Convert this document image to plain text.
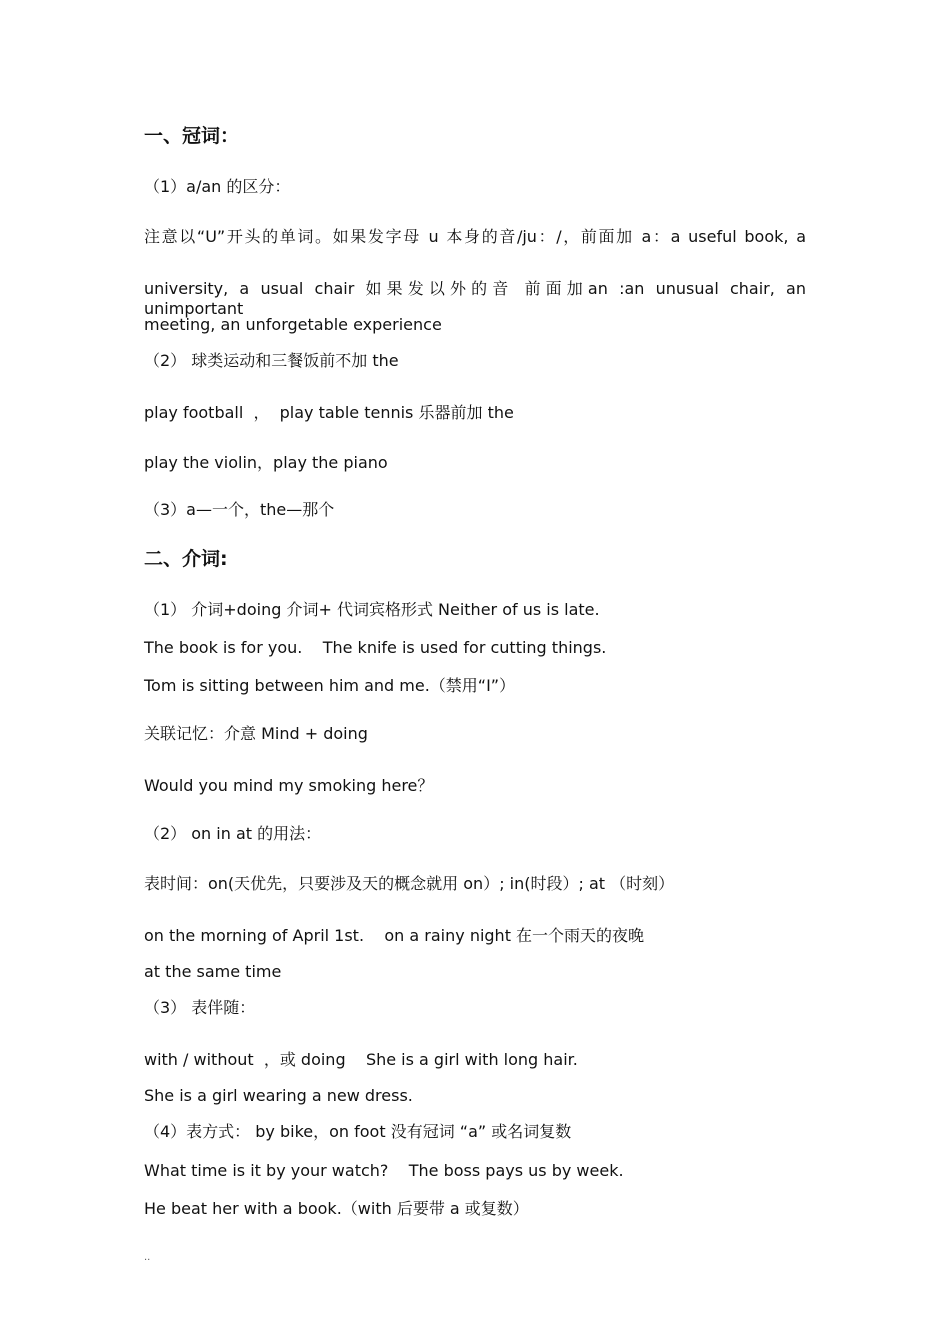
一、冠词：
（1）a/an 的区分：
注意以“U”开头的单词。如果发字母 u 本身的音/ju：/，前面加 a：a useful book, a
university, a usual chair 如果发以外的音 前面加an :an unusual chair, an unimportant
meeting, an unforgetable experience
（2） 球类运动和三餐饭前不加 the
play football  ，  play table tennis 乐器前加 the
play the violin，play the piano
（3）a—一个，the—那个
二、介词:
（1） 介词+doing 介词+ 代词宾格形式 Neither of us is late.
The book is for you.    The knife is used for cutting things.
Tom is sitting between him and me.（禁用“I”）
关联记忆：介意 Mind + doing
Would you mind my smoking here？
（2） on in at 的用法：
表时间：on(天优先，只要涉及天的概念就用 on）; in(时段）; at （时刻）
on the morning of April 1st.    on a rainy night 在一个雨天的夜晚
at the same time
（3） 表伴随：
with / without  ，或 doing    She is a girl with long hair.
She is a girl wearing a new dress.
（4）表方式： by bike，on foot 没有冠词 “a” 或名词复数
What time is it by your watch?    The boss pays us by week.
He beat her with a book.（with 后要带 a 或复数）
..
